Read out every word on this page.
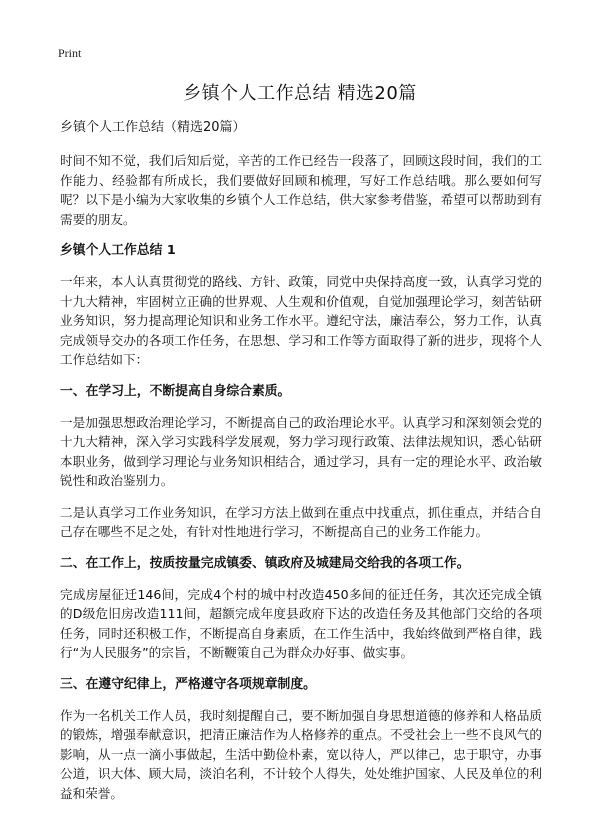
Print
乡镇个人工作总结 精选20篇
乡镇个人工作总结（精选20篇）

时间不知不觉，我们后知后觉，辛苦的工作已经告一段落了，回顾这段时间，我们的工作能力、经验都有所成长，我们要做好回顾和梳理，写好工作总结哦。那么要如何写呢？以下是小编为大家收集的乡镇个人工作总结，供大家参考借鉴，希望可以帮助到有需要的朋友。

乡镇个人工作总结 1

一年来，本人认真贯彻党的路线、方针、政策，同党中央保持高度一致，认真学习党的十九大精神，牢固树立正确的世界观、人生观和价值观，自觉加强理论学习，刻苦钻研业务知识，努力提高理论知识和业务工作水平。遵纪守法，廉洁奉公，努力工作，认真完成领导交办的各项工作任务，在思想、学习和工作等方面取得了新的进步，现将个人工作总结如下：

一、在学习上，不断提高自身综合素质。

一是加强思想政治理论学习，不断提高自己的政治理论水平。认真学习和深刻领会党的十九大精神，深入学习实践科学发展观，努力学习现行政策、法律法规知识，悉心钻研本职业务，做到学习理论与业务知识相结合，通过学习，具有一定的理论水平、政治敏锐性和政治鉴别力。

二是认真学习工作业务知识，在学习方法上做到在重点中找重点，抓住重点，并结合自己存在哪些不足之处，有针对性地进行学习，不断提高自己的业务工作能力。

二、在工作上，按质按量完成镇委、镇政府及城建局交给我的各项工作。

完成房屋征迁146间，完成4个村的城中村改造450多间的征迁任务，其次还完成全镇的D级危旧房改造111间，超额完成年度县政府下达的改造任务及其他部门交给的各项任务，同时还积极工作，不断提高自身素质，在工作生活中，我始终做到严格自律，践行“为人民服务”的宗旨，不断鞭策自己为群众办好事、做实事。

三、在遵守纪律上，严格遵守各项规章制度。

作为一名机关工作人员，我时刻提醒自己，要不断加强自身思想道德的修养和人格品质的锻炼，增强奉献意识，把清正廉洁作为人格修养的重点。不受社会上一些不良风气的影响，从一点一滴小事做起，生活中勤俭朴素，宽以待人，严以律己，忠于职守，办事公道，识大体、顾大局，淡泊名利，不计较个人得失，处处维护国家、人民及单位的利益和荣誉。
